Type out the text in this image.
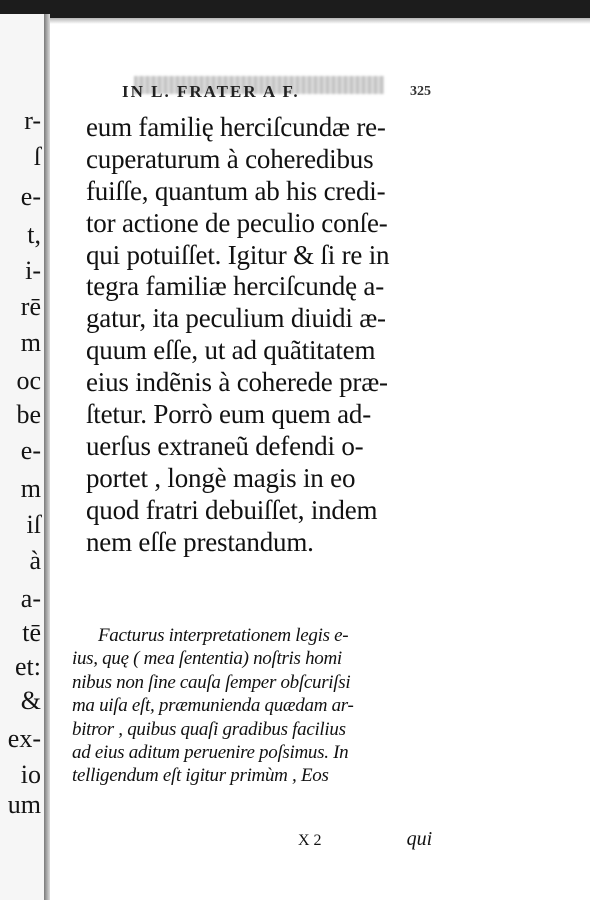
r-
ſ
e-
t,
i-
rē
m
oc
be
e-
m
iſ
à
a-
tē
et:
&
ex-
io
um
IN L. FRATER A F.	325
eum familię herciſcundæ re-
cuperaturum à coheredibus
fuiſſe, quantum ab his credi-
tor actione de peculio conſe-
qui potuiſſet. Igitur & ſi re in
tegra familiæ herciſcundę a-
gatur, ita peculium diuidi æ-
quum eſſe, ut ad quãtitatem
eius indẽnis à coherede præ-
ſtetur. Porrò eum quem ad-
uerſus extraneũ defendi o-
portet , longè magis in eo
quod fratri debuiſſet, indem
nem eſſe prestandum.
Facturus interpretationem legis e-
ius, quę ( mea ſententia) noſtris homi
nibus non ſine cauſa ſemper obſcuriſsi
ma uiſa eſt, præmunienda quædam ar-
bitror , quibus quaſi gradibus facilius
ad eius aditum peruenire poſsimus. In
telligendum eſt igitur primùm , Eos
X 2	qui
